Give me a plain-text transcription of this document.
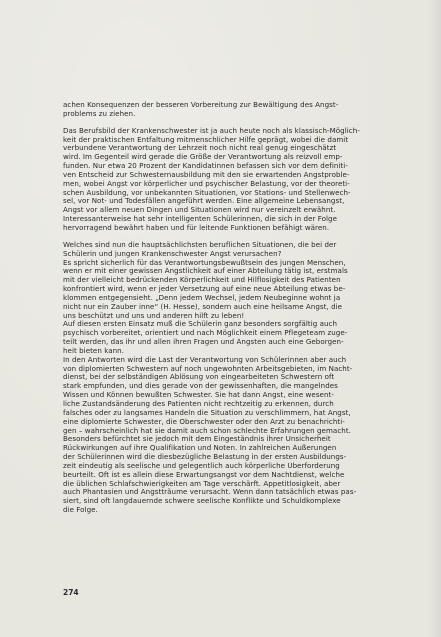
achen Konsequenzen der besseren Vorbereitung zur Bewältigung des Angst-
problems zu ziehen.

Das Berufsbild der Krankenschwester ist ja auch heute noch als klassisch-Möglich-
keit der praktischen Entfaltung mitmenschlicher Hilfe geprägt, wobei die damit
verbundene Verantwortung der Lehrzeit noch nicht real genug eingeschätzt
wird. Im Gegenteil wird gerade die Größe der Verantwortung als reizvoll emp-
funden. Nur etwa 20 Prozent der Kandidatinnen befassen sich vor dem definiti-
ven Entscheid zur Schwesternausbildung mit den sie erwartenden Angstproble-
men, wobei Angst vor körperlicher und psychischer Belastung, vor der theoreti-
schen Ausbildung, vor unbekannten Situationen, vor Stations- und Stellenwech-
sel, vor Not- und Todesfällen angeführt werden. Eine allgemeine Lebensangst,
Angst vor allem neuen Dingen und Situationen wird nur vereinzelt erwähnt.
Interessanterweise hat sehr intelligenten Schülerinnen, die sich in der Folge
hervorragend bewährt haben und für leitende Funktionen befähigt wären.

Welches sind nun die hauptsächlichsten beruflichen Situationen, die bei der
Schülerin und jungen Krankenschwester Angst verursachen?
Es spricht sicherlich für das Verantwortungsbewußtsein des jungen Menschen,
wenn er mit einer gewissen Ängstlichkeit auf einer Abteilung tätig ist, erstmals
mit der vielleicht bedrückenden Körperlichkeit und Hilflosigkeit des Patienten
konfrontiert wird, wenn er jeder Versetzung auf eine neue Abteilung etwas be-
klommen entgegensieht. „Denn jedem Wechsel, jedem Neubeginne wohnt ja
nicht nur ein Zauber inne“ (H. Hesse), sondern auch eine heilsame Angst, die
uns beschützt und uns und anderen hilft zu leben!
Auf diesen ersten Einsatz muß die Schülerin ganz besonders sorgfältig auch
psychisch vorbereitet, orientiert und nach Möglichkeit einem Pflegeteam zuge-
teilt werden, das ihr und allen ihren Fragen und Ängsten auch eine Geborgen-
heit bieten kann.
In den Antworten wird die Last der Verantwortung von Schülerinnen aber auch
von diplomierten Schwestern auf noch ungewohnten Arbeitsgebieten, im Nacht-
dienst, bei der selbständigen Ablösung von eingearbeiteten Schwestern oft
stark empfunden, und dies gerade von der gewissenhaften, die mangelndes
Wissen und Können bewußten Schwester. Sie hat dann Angst, eine wesent-
liche Zustandsänderung des Patienten nicht rechtzeitig zu erkennen, durch
falsches oder zu langsames Handeln die Situation zu verschlimmern, hat Angst,
eine diplomierte Schwester, die Oberschwester oder den Arzt zu benachrichti-
gen – wahrscheinlich hat sie damit auch schon schlechte Erfahrungen gemacht.
Besonders befürchtet sie jedoch mit dem Eingeständnis ihrer Unsicherheit
Rückwirkungen auf ihre Qualifikation und Noten. In zahlreichen Äußerungen
der Schülerinnen wird die diesbezügliche Belastung in der ersten Ausbildungs-
zeit eindeutig als seelische und gelegentlich auch körperliche Überforderung
beurteilt. Oft ist es allein diese Erwartungsangst vor dem Nachtdienst, welche
die üblichen Schlafschwierigkeiten am Tage verschärft. Appetitlosigkeit, aber
auch Phantasien und Angstträume verursacht. Wenn dann tatsächlich etwas pas-
siert, sind oft langdauernde schwere seelische Konflikte und Schuldkomplexe
die Folge.

274
